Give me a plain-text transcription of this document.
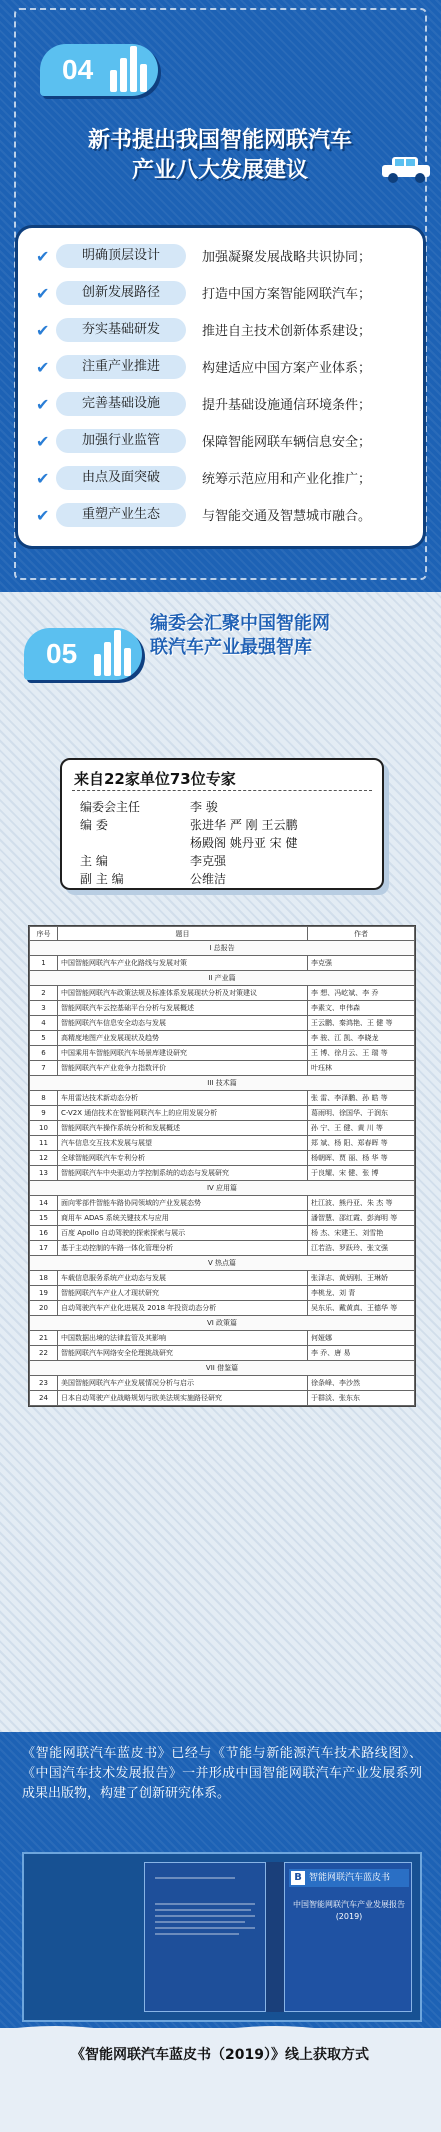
04
新书提出我国智能网联汽车
产业八大发展建议
✔	明确顶层设计	加强凝聚发展战略共识协同；
✔	创新发展路径	打造中国方案智能网联汽车；
✔	夯实基础研发	推进自主技术创新体系建设；
✔	注重产业推进	构建适应中国方案产业体系；
✔	完善基础设施	提升基础设施通信环境条件；
✔	加强行业监管	保障智能网联车辆信息安全；
✔	由点及面突破	统筹示范应用和产业化推广；
✔	重塑产业生态	与智能交通及智慧城市融合。
05
编委会汇聚中国智能网
联汽车产业最强智库
来自22家单位73位专家
编委会主任	李 骏
编 委	张进华 严 刚 王云鹏
杨殿阁 姚丹亚 宋 健
主 编	李克强
副 主 编	公维洁
序号	题目	作者
I 总报告		
1	中国智能网联汽车产业化路线与发展对策	李克强
II 产业篇		
2	中国智能网联汽车政策法规及标准体系发展现状分析及对策建议	李 想、冯屹斌、李 乔
3	智能网联汽车云控基础平台分析与发展概述	李素文、申伟森
4	智能网联汽车信息安全动态与发展	王云鹏、秦鸿艳、王 健 等
5	高精度地图产业发展现状及趋势	李 骏、江 凯、李晓龙
6	中国乘用车智能网联汽车场景库建设研究	王 博、徐月云、王 瑞 等
7	智能网联汽车产业竞争力指数评价	叶珏林
III 技术篇		
8	车用雷达技术新动态分析	张 雷、李泽鹏、孙 皓 等
9	C-V2X 通信技术在智能网联汽车上的应用发展分析	葛雨明、徐国华、于润东
10	智能网联汽车操作系统分析和发展概述	孙 宁、王 健、黄 川 等
11	汽车信息交互技术发展与展望	郑 斌、杨 阳、郑春晖 等
12	全球智能网联汽车专利分析	杨朝晖、贾 丽、杨 华 等
13	智能网联汽车中央驱动力学控制系统的动态与发展研究	于良耀、宋 健、张 博
IV 应用篇		
14	面向零部件智能车路协同领域的产业发展态势	杜江波、熊丹亚、朱 杰 等
15	商用车 ADAS 系统关键技术与应用	潘智慧、邵红霞、彭海明 等
16	百度 Apollo 自动驾驶的探索探索与展示	杨 杰、宋建王、刘雪艳
17	基于主动控制的车路一体化管理分析	江若浩、罗跃玲、张文强
V 热点篇		
18	车载信息服务系统产业动态与发展	张泽志、黄炳刚、王琳娇
19	智能网联汽车产业人才现状研究	李桃龙、刘 青
20	自动驾驶汽车产业化进展及 2018 年投资动态分析	吴东乐、戴黄真、王德华 等
VI 政策篇		
21	中国数据出境的法律监管及其影响	何娅娜
22	智能网联汽车网络安全伦理挑战研究	李 乔、唐 易
VII 借鉴篇		
23	美国智能网联汽车产业发展情况分析与启示	徐条峰、李沙然
24	日本自动驾驶产业战略规划与欧美法规实施路径研究	于群淡、张东东
《智能网联汽车蓝皮书》已经与《节能与新能源汽车技术路线图》、《中国汽车技术发展报告》一并形成中国智能网联汽车产业发展系列成果出版物，构建了创新研究体系。
智能网联汽车蓝皮书
B
中国智能网联汽车产业发展报告 (2019)
《智能网联汽车蓝皮书（2019）》线上获取方式
